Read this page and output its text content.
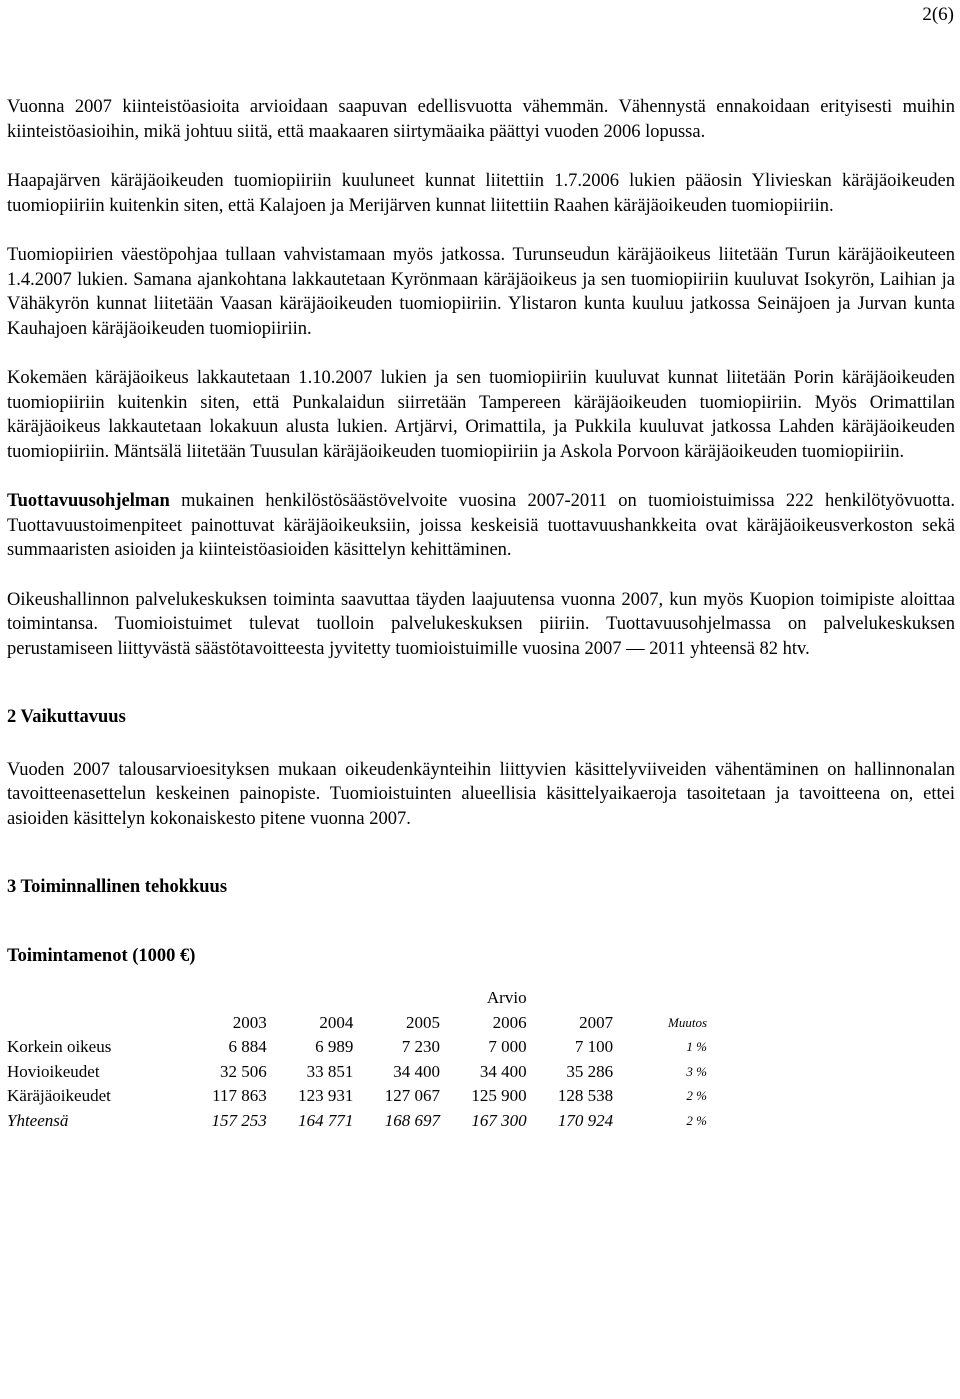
2(6)

Vuonna 2007 kiinteistöasioita arvioidaan saapuvan edellisvuotta vähemmän. Vähennystä ennakoidaan erityisesti muihin kiinteistöasioihin, mikä johtuu siitä, että maakaaren siirtymäaika päättyi vuoden 2006 lopussa.

Haapajärven käräjäoikeuden tuomiopiiriin kuuluneet kunnat liitettiin 1.7.2006 lukien pääosin Ylivieskan käräjäoikeuden tuomiopiiriin kuitenkin siten, että Kalajoen ja Merijärven kunnat liitettiin Raahen käräjäoikeuden tuomiopiiriin.

Tuomiopiirien väestöpohjaa tullaan vahvistamaan myös jatkossa. Turunseudun käräjäoikeus liitetään Turun käräjäoikeuteen 1.4.2007 lukien. Samana ajankohtana lakkautetaan Kyrönmaan käräjäoikeus ja sen tuomiopiiriin kuuluvat Isokyrön, Laihian ja Vähäkyrön kunnat liitetään Vaasan käräjäoikeuden tuomiopiiriin. Ylistaron kunta kuuluu jatkossa Seinäjoen ja Jurvan kunta Kauhajoen käräjäoikeuden tuomiopiiriin.

Kokemäen käräjäoikeus lakkautetaan 1.10.2007 lukien ja sen tuomiopiiriin kuuluvat kunnat liitetään Porin käräjäoikeuden tuomiopiiriin kuitenkin siten, että Punkalaidun siirretään Tampereen käräjäoikeuden tuomiopiiriin. Myös Orimattilan käräjäoikeus lakkautetaan lokakuun alusta lukien. Artjärvi, Orimattila, ja Pukkila kuuluvat jatkossa Lahden käräjäoikeuden tuomiopiiriin. Mäntsälä liitetään Tuusulan käräjäoikeuden tuomiopiiriin ja Askola Porvoon käräjäoikeuden tuomiopiiriin.

Tuottavuusohjelman mukainen henkilöstösäästövelvoite vuosina 2007-2011 on tuomioistuimissa 222 henkilötyövuotta. Tuottavuustoimenpiteet painottuvat käräjäoikeuksiin, joissa keskeisiä tuottavuushankkeita ovat käräjäoikeusverkoston sekä summaaristen asioiden ja kiinteistöasioiden käsittelyn kehittäminen.

Oikeushallinnon palvelukeskuksen toiminta saavuttaa täyden laajuutensa vuonna 2007, kun myös Kuopion toimipiste aloittaa toimintansa. Tuomioistuimet tulevat tuolloin palvelukeskuksen piiriin. Tuottavuusohjelmassa on palvelukeskuksen perustamiseen liittyvästä säästötavoitteesta jyvitetty tuomioistuimille vuosina 2007 — 2011 yhteensä 82 htv.

2 Vaikuttavuus

Vuoden 2007 talousarvioesityksen mukaan oikeudenkäynteihin liittyvien käsittelyviiveiden vähentäminen on hallinnonalan tavoitteenasettelun keskeinen painopiste. Tuomioistuinten alueellisia käsittelyaikaeroja tasoitetaan ja tavoitteena on, ettei asioiden käsittelyn kokonaiskesto pitene vuonna 2007.

3 Toiminnallinen tehokkuus
Toimintamenot (1000 €)
				Arvio		
	2003	2004	2005	2006	2007	Muutos
Korkein oikeus	6 884	6 989	7 230	7 000	7 100	1 %
Hovioikeudet	32 506	33 851	34 400	34 400	35 286	3 %
Käräjäoikeudet	117 863	123 931	127 067	125 900	128 538	2 %
Yhteensä	157 253	164 771	168 697	167 300	170 924	2 %
